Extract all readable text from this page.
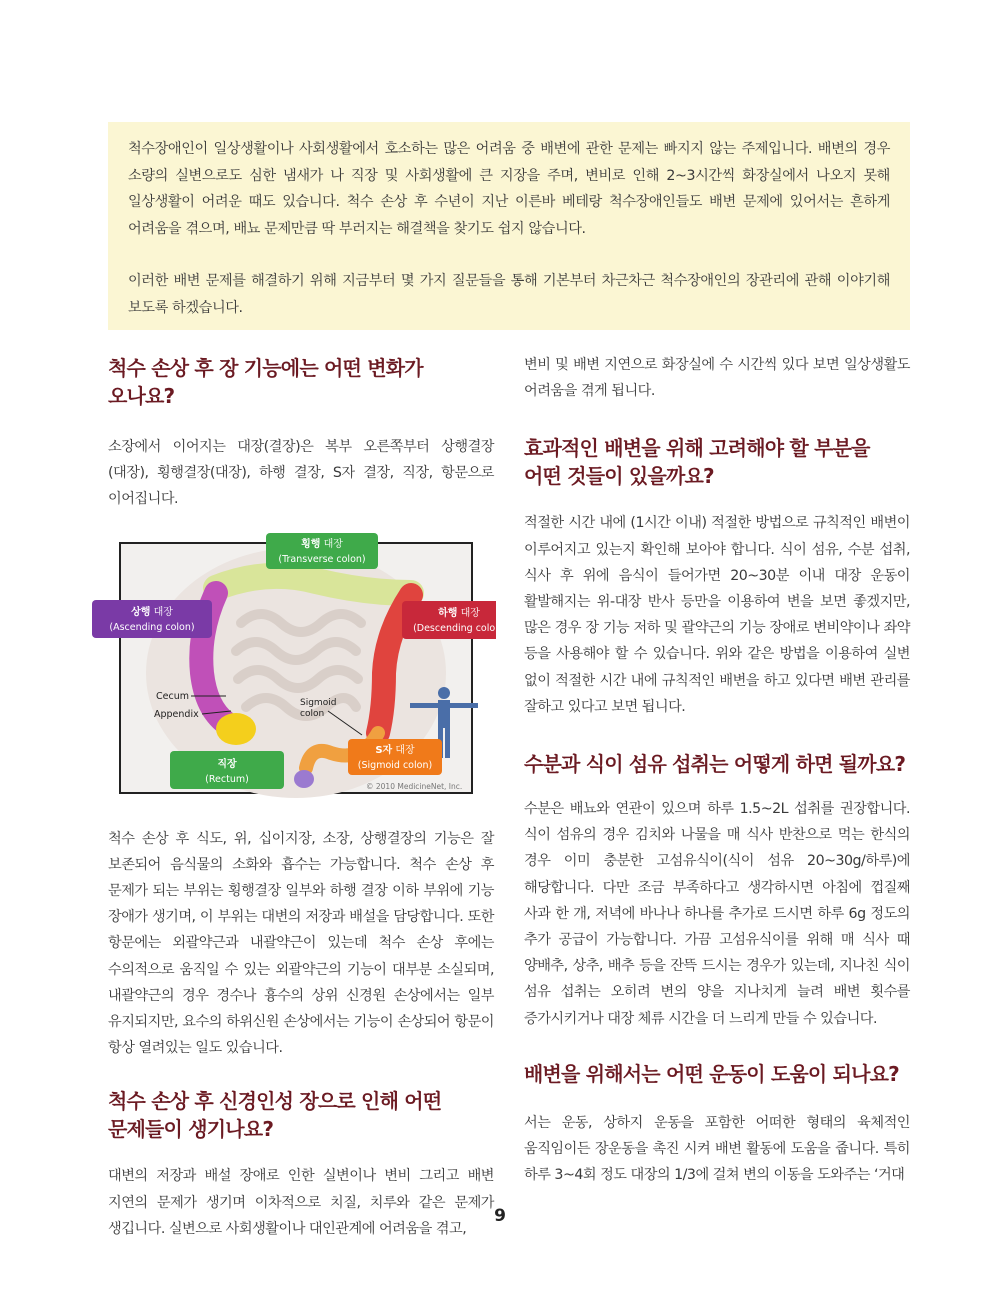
척수장애인이 일상생활이나 사회생활에서 호소하는 많은 어려움 중 배변에 관한 문제는 빠지지 않는 주제입니다. 배변의 경우 소량의 실변으로도 심한 냄새가 나 직장 및 사회생활에 큰 지장을 주며, 변비로 인해 2~3시간씩 화장실에서 나오지 못해 일상생활이 어려운 때도 있습니다. 척수 손상 후 수년이 지난 이른바 베테랑 척수장애인들도 배변 문제에 있어서는 흔하게 어려움을 겪으며, 배뇨 문제만큼 딱 부러지는 해결책을 찾기도 쉽지 않습니다.

이러한 배변 문제를 해결하기 위해 지금부터 몇 가지 질문들을 통해 기본부터 차근차근 척수장애인의 장관리에 관해 이야기해 보도록 하겠습니다.

척수 손상 후 장 기능에는 어떤 변화가 오나요?

소장에서 이어지는 대장(결장)은 복부 오른쪽부터 상행결장(대장), 횡행결장(대장), 하행 결장, S자 결장, 직장, 항문으로 이어집니다.

Cecum
Appendix
Sigmoid
colon
© 2010 MedicineNet, Inc.
횡행 대장
(Transverse colon)
상행 대장
(Ascending colon)
하행 대장
(Descending colon)
S자 대장
(Sigmoid colon)
직장
(Rectum)

척수 손상 후 식도, 위, 십이지장, 소장, 상행결장의 기능은 잘 보존되어 음식물의 소화와 흡수는 가능합니다. 척수 손상 후 문제가 되는 부위는 횡행결장 일부와 하행 결장 이하 부위에 기능 장애가 생기며, 이 부위는 대변의 저장과 배설을 담당합니다. 또한 항문에는 외괄약근과 내괄약근이 있는데 척수 손상 후에는 수의적으로 움직일 수 있는 외괄약근의 기능이 대부분 소실되며, 내괄약근의 경우 경수나 흉수의 상위 신경원 손상에서는 일부 유지되지만, 요수의 하위신원 손상에서는 기능이 손상되어 항문이 항상 열려있는 일도 있습니다.

척수 손상 후 신경인성 장으로 인해 어떤 문제들이 생기나요?

대변의 저장과 배설 장애로 인한 실변이나 변비 그리고 배변 지연의 문제가 생기며 이차적으로 치질, 치루와 같은 문제가 생깁니다. 실변으로 사회생활이나 대인관계에 어려움을 겪고,

변비 및 배변 지연으로 화장실에 수 시간씩 있다 보면 일상생활도 어려움을 겪게 됩니다.

효과적인 배변을 위해 고려해야 할 부분을 어떤 것들이 있을까요?

적절한 시간 내에 (1시간 이내) 적절한 방법으로 규칙적인 배변이 이루어지고 있는지 확인해 보아야 합니다. 식이 섬유, 수분 섭취, 식사 후 위에 음식이 들어가면 20~30분 이내 대장 운동이 활발해지는 위-대장 반사 등만을 이용하여 변을 보면 좋겠지만, 많은 경우 장 기능 저하 및 괄약근의 기능 장애로 변비약이나 좌약 등을 사용해야 할 수 있습니다. 위와 같은 방법을 이용하여 실변 없이 적절한 시간 내에 규칙적인 배변을 하고 있다면 배변 관리를 잘하고 있다고 보면 됩니다.

수분과 식이 섬유 섭취는 어떻게 하면 될까요?

수분은 배뇨와 연관이 있으며 하루 1.5~2L 섭취를 권장합니다. 식이 섬유의 경우 김치와 나물을 매 식사 반찬으로 먹는 한식의 경우 이미 충분한 고섬유식이(식이 섬유 20~30g/하루)에 해당합니다. 다만 조금 부족하다고 생각하시면 아침에 껍질째 사과 한 개, 저녁에 바나나 하나를 추가로 드시면 하루 6g 정도의 추가 공급이 가능합니다. 가끔 고섬유식이를 위해 매 식사 때 양배추, 상추, 배추 등을 잔뜩 드시는 경우가 있는데, 지나친 식이 섬유 섭취는 오히려 변의 양을 지나치게 늘려 배변 횟수를 증가시키거나 대장 체류 시간을 더 느리게 만들 수 있습니다.

배변을 위해서는 어떤 운동이 도움이 되나요?

서는 운동, 상하지 운동을 포함한 어떠한 형태의 육체적인 움직임이든 장운동을 촉진 시켜 배변 활동에 도움을 줍니다. 특히 하루 3~4회 정도 대장의 1/3에 걸쳐 변의 이동을 도와주는 ‘거대

9
